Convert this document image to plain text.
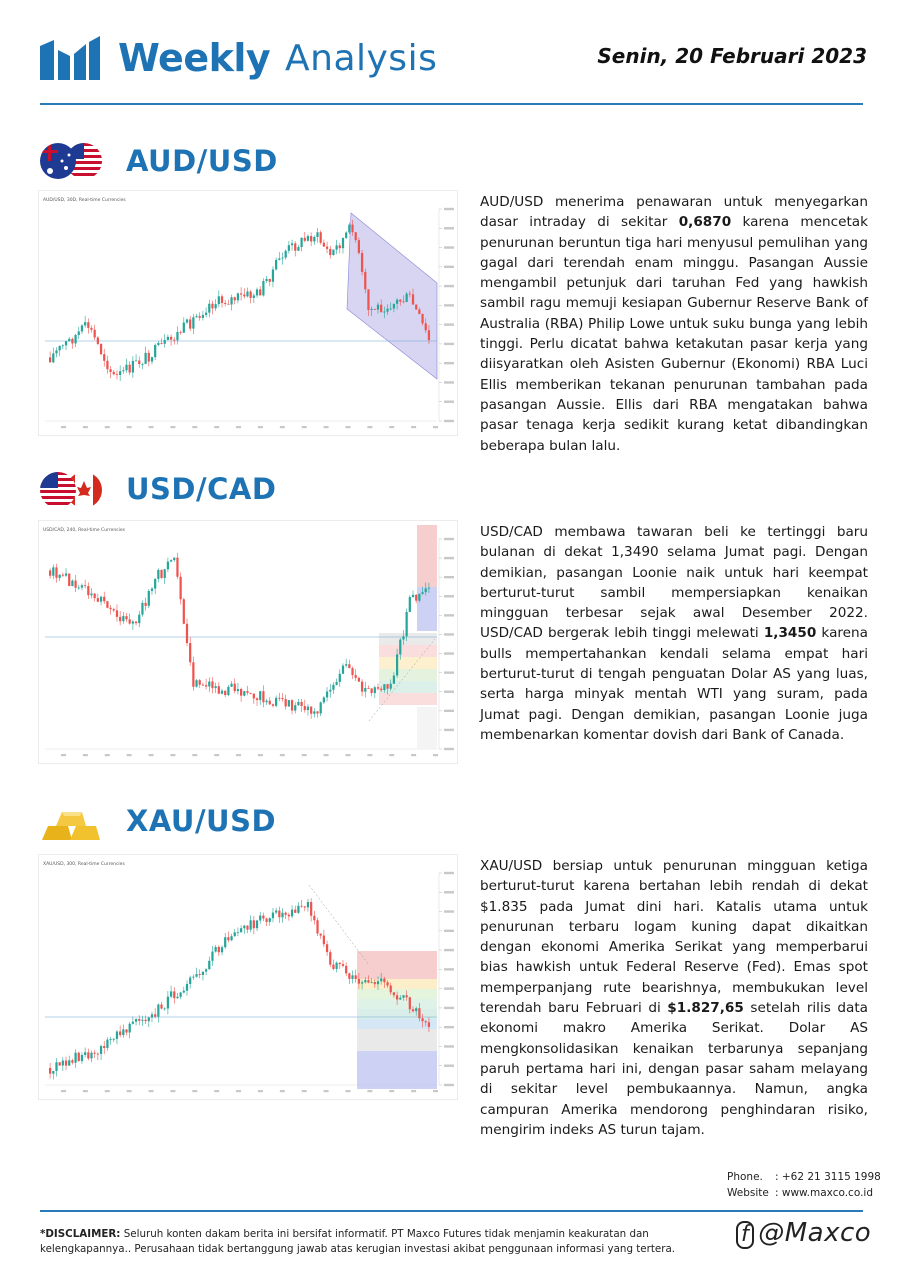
Weekly Analysis	Senin, 20 Februari 2023
AUD/USD
AUD/USD, 30D, Real-time Currencies	AUD/USD menerima penawaran untuk menyegarkan dasar intraday di sekitar 0,6870 karena mencetak penurunan beruntun tiga hari menyusul pemulihan yang gagal dari terendah enam minggu. Pasangan Aussie mengambil petunjuk dari taruhan Fed yang hawkish sambil ragu memuji kesiapan Gubernur Reserve Bank of Australia (RBA) Philip Lowe untuk suku bunga yang lebih tinggi. Perlu dicatat bahwa ketakutan pasar kerja yang diisyaratkan oleh Asisten Gubernur (Ekonomi) RBA Luci Ellis memberikan tekanan penurunan tambahan pada pasangan Aussie. Ellis dari RBA mengatakan bahwa pasar tenaga kerja sedikit kurang ketat dibandingkan beberapa bulan lalu.
USD/CAD
USD/CAD, 240, Real-time Currencies	USD/CAD membawa tawaran beli ke tertinggi baru bulanan di dekat 1,3490 selama Jumat pagi. Dengan demikian, pasangan Loonie naik untuk hari keempat berturut-turut sambil mempersiapkan kenaikan mingguan terbesar sejak awal Desember 2022. USD/CAD bergerak lebih tinggi melewati 1,3450 karena bulls mempertahankan kendali selama empat hari berturut-turut di tengah penguatan Dolar AS yang luas, serta harga minyak mentah WTI yang suram, pada Jumat pagi. Dengan demikian, pasangan Loonie juga membenarkan komentar dovish dari Bank of Canada.
XAU/USD
XAU/USD, 300, Real-time Currencies	XAU/USD bersiap untuk penurunan mingguan ketiga berturut-turut karena bertahan lebih rendah di dekat $1.835 pada Jumat dini hari. Katalis utama untuk penurunan terbaru logam kuning dapat dikaitkan dengan ekonomi Amerika Serikat yang memperbarui bias hawkish untuk Federal Reserve (Fed). Emas spot memperpanjang rute bearishnya, membukukan level terendah baru Februari di $1.827,65 setelah rilis data ekonomi makro Amerika Serikat. Dolar AS mengkonsolidasikan kenaikan terbarunya sepanjang paruh pertama hari ini, dengan pasar saham melayang di sekitar level pembukaannya. Namun, angka campuran Amerika mendorong penghindaran risiko, mengirim indeks AS turun tajam.
Phone. : +62 21 3115 1998
Website : www.maxco.co.id
*DISCLAIMER: Seluruh konten dakam berita ini bersifat informatif. PT Maxco Futures tidak menjamin keakuratan dan kelengkapannya.. Perusahaan tidak bertanggung jawab atas kerugian investasi akibat penggunaan informasi yang tertera.
f @Maxco
